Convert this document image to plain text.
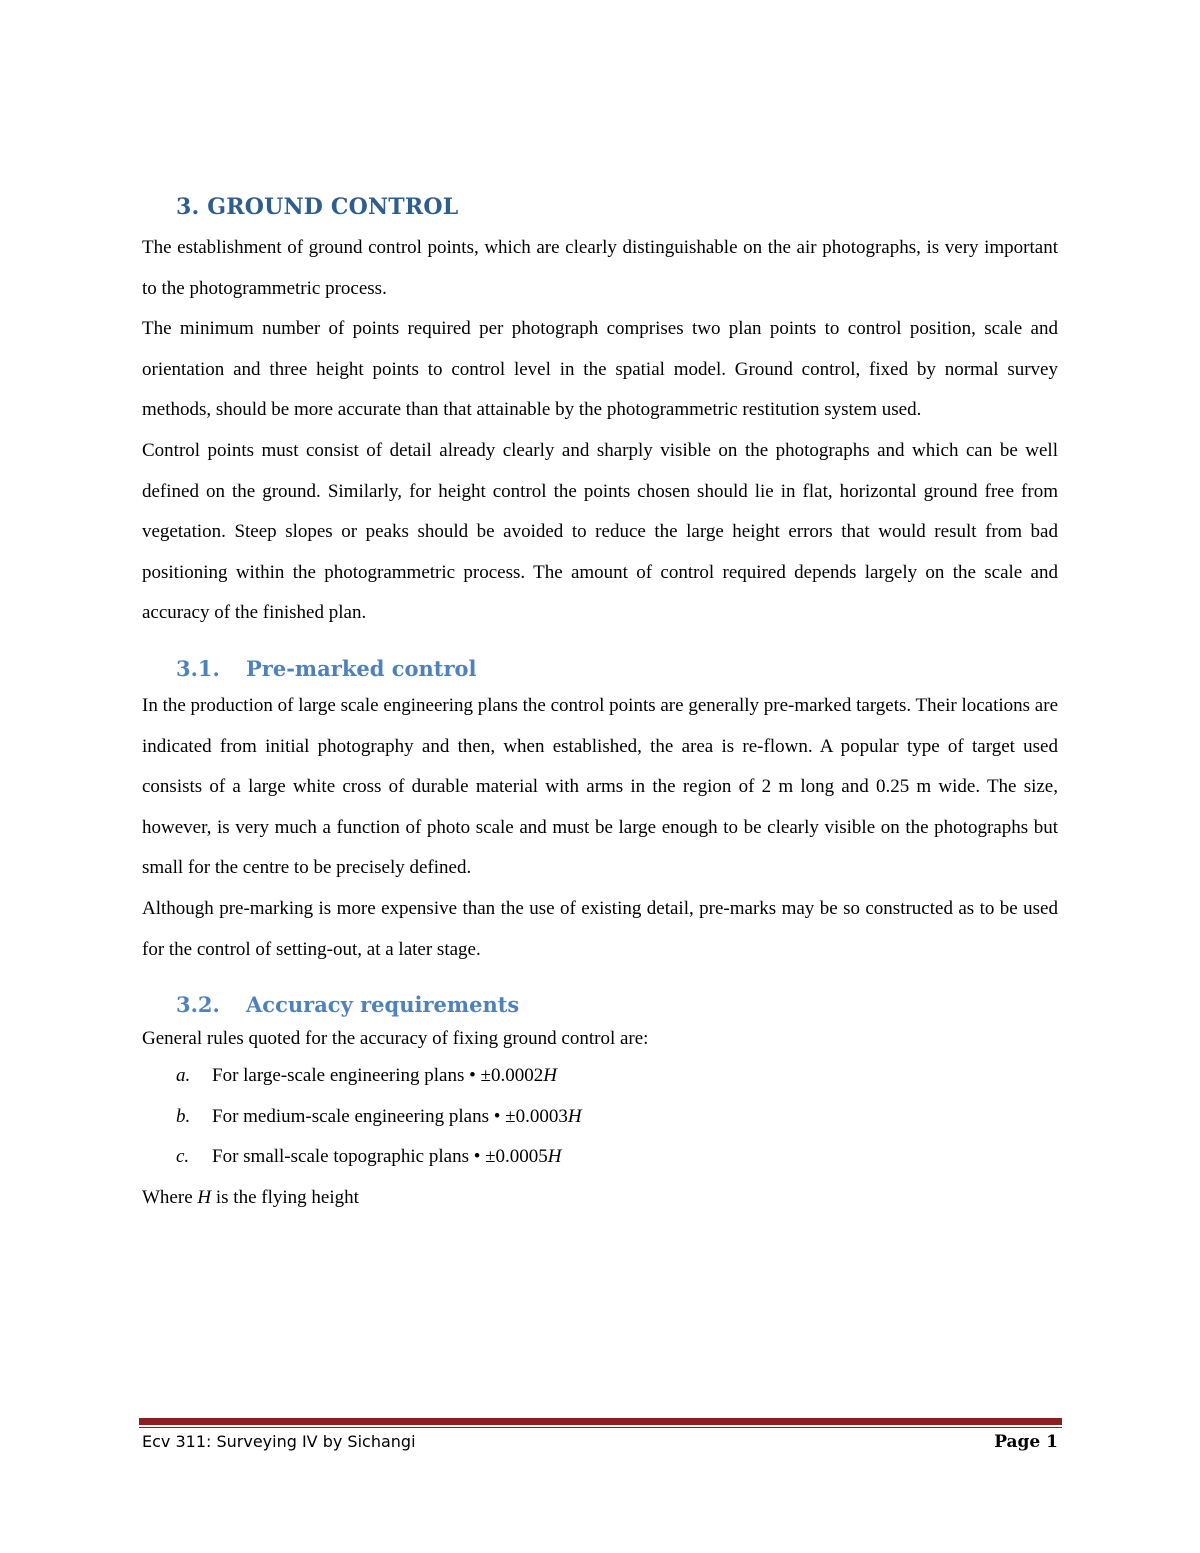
3. GROUND CONTROL

The establishment of ground control points, which are clearly distinguishable on the air photographs, is very important to the photogrammetric process.

The minimum number of points required per photograph comprises two plan points to control position, scale and orientation and three height points to control level in the spatial model. Ground control, fixed by normal survey methods, should be more accurate than that attainable by the photogrammetric restitution system used.

Control points must consist of detail already clearly and sharply visible on the photographs and which can be well defined on the ground. Similarly, for height control the points chosen should lie in flat, horizontal ground free from vegetation. Steep slopes or peaks should be avoided to reduce the large height errors that would result from bad positioning within the photogrammetric process. The amount of control required depends largely on the scale and accuracy of the finished plan.

3.1.	Pre-marked control

In the production of large scale engineering plans the control points are generally pre-marked targets. Their locations are indicated from initial photography and then, when established, the area is re-flown. A popular type of target used consists of a large white cross of durable material with arms in the region of 2 m long and 0.25 m wide. The size, however, is very much a function of photo scale and must be large enough to be clearly visible on the photographs but small for the centre to be precisely defined.

Although pre-marking is more expensive than the use of existing detail, pre-marks may be so constructed as to be used for the control of setting-out, at a later stage.

3.2.	Accuracy requirements

General rules quoted for the accuracy of fixing ground control are:

a.	For large-scale engineering plans • ±0.0002H
b.	For medium-scale engineering plans • ±0.0003H
c.	For small-scale topographic plans • ±0.0005H

Where H is the flying height

Ecv 311: Surveying IV by Sichangi	Page 1
